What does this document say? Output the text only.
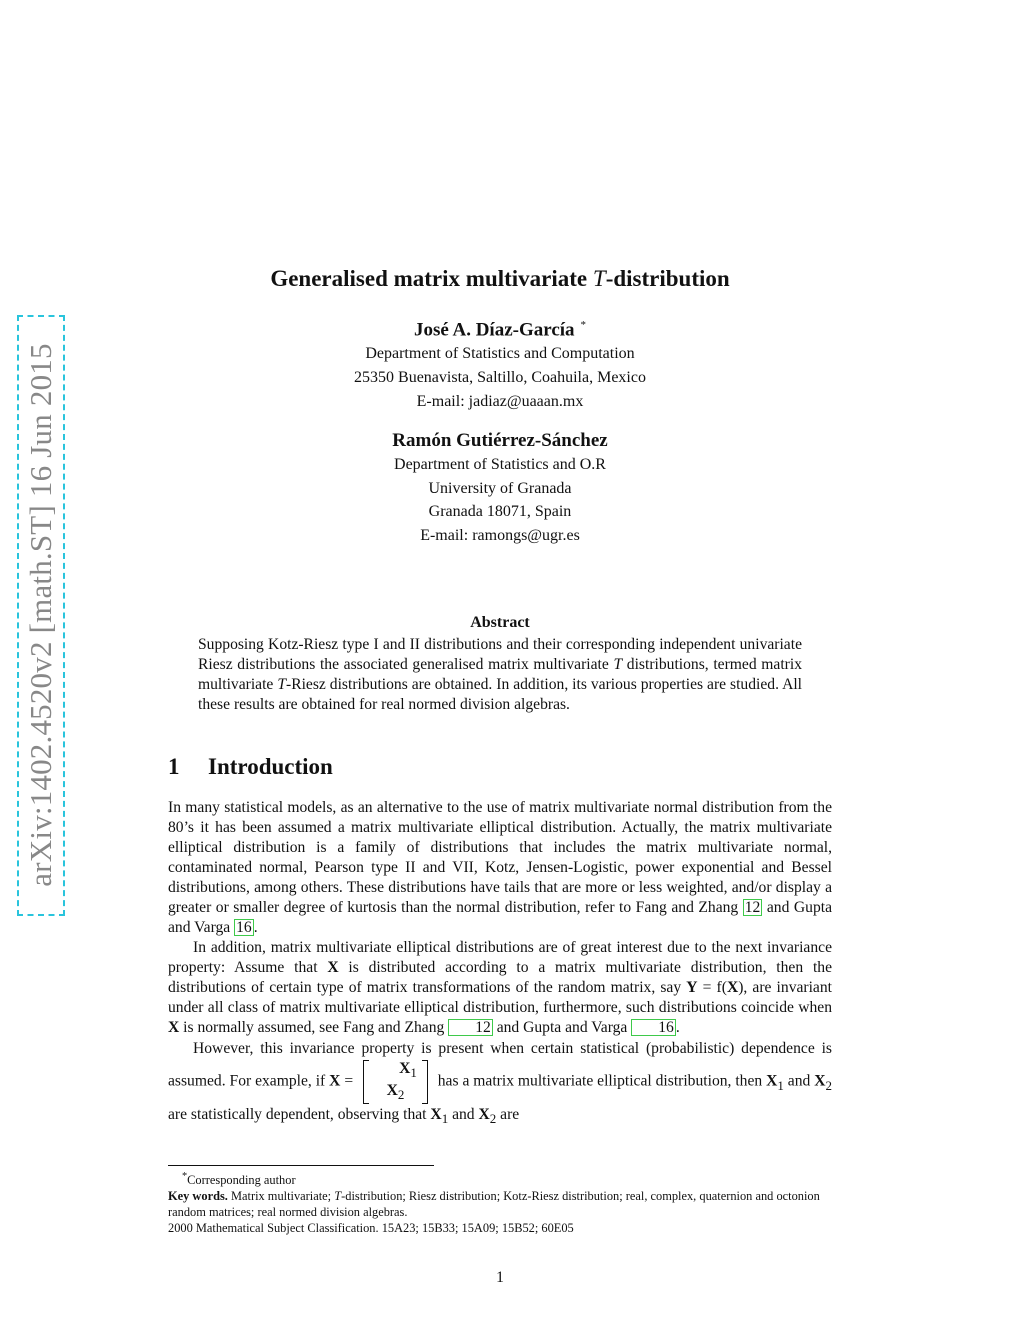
arXiv:1402.4520v2 [math.ST] 16 Jun 2015
Generalised matrix multivariate T-distribution
José A. Díaz-García *
Department of Statistics and Computation
25350 Buenavista, Saltillo, Coahuila, Mexico
E-mail: jadiaz@uaaan.mx
Ramón Gutiérrez-Sánchez
Department of Statistics and O.R
University of Granada
Granada 18071, Spain
E-mail: ramongs@ugr.es
Abstract
Supposing Kotz-Riesz type I and II distributions and their corresponding independent univariate Riesz distributions the associated generalised matrix multivariate T distributions, termed matrix multivariate T-Riesz distributions are obtained. In addition, its various properties are studied. All these results are obtained for real normed division algebras.
1 Introduction

In many statistical models, as an alternative to the use of matrix multivariate normal distribution from the 80’s it has been assumed a matrix multivariate elliptical distribution. Actually, the matrix multivariate elliptical distribution is a family of distributions that includes the matrix multivariate normal, contaminated normal, Pearson type II and VII, Kotz, Jensen-Logistic, power exponential and Bessel distributions, among others. These distributions have tails that are more or less weighted, and/or display a greater or smaller degree of kurtosis than the normal distribution, refer to Fang and Zhang 12 and Gupta and Varga 16 .

In addition, matrix multivariate elliptical distributions are of great interest due to the next invariance property: Assume that X is distributed according to a matrix multivariate distribution, then the distributions of certain type of matrix transformations of the random matrix, say Y = f(X), are invariant under all class of matrix multivariate elliptical distribution, furthermore, such distributions coincide when X is normally assumed, see Fang and Zhang 12 and Gupta and Varga 16 .

However, this invariance property is present when certain statistical (probabilistic) dependence is assumed. For example, if $X = X_1$
$X_2$ has a matrix multivariate elliptical distribution, then $X_1$ and $X_2$ are statistically dependent, observing that $X_1$ and $X_2$ are

*Corresponding author

Key words. Matrix multivariate; T-distribution; Riesz distribution; Kotz-Riesz distribution; real, complex, quaternion and octonion random matrices; real normed division algebras.

2000 Mathematical Subject Classification. 15A23; 15B33; 15A09; 15B52; 60E05

1
